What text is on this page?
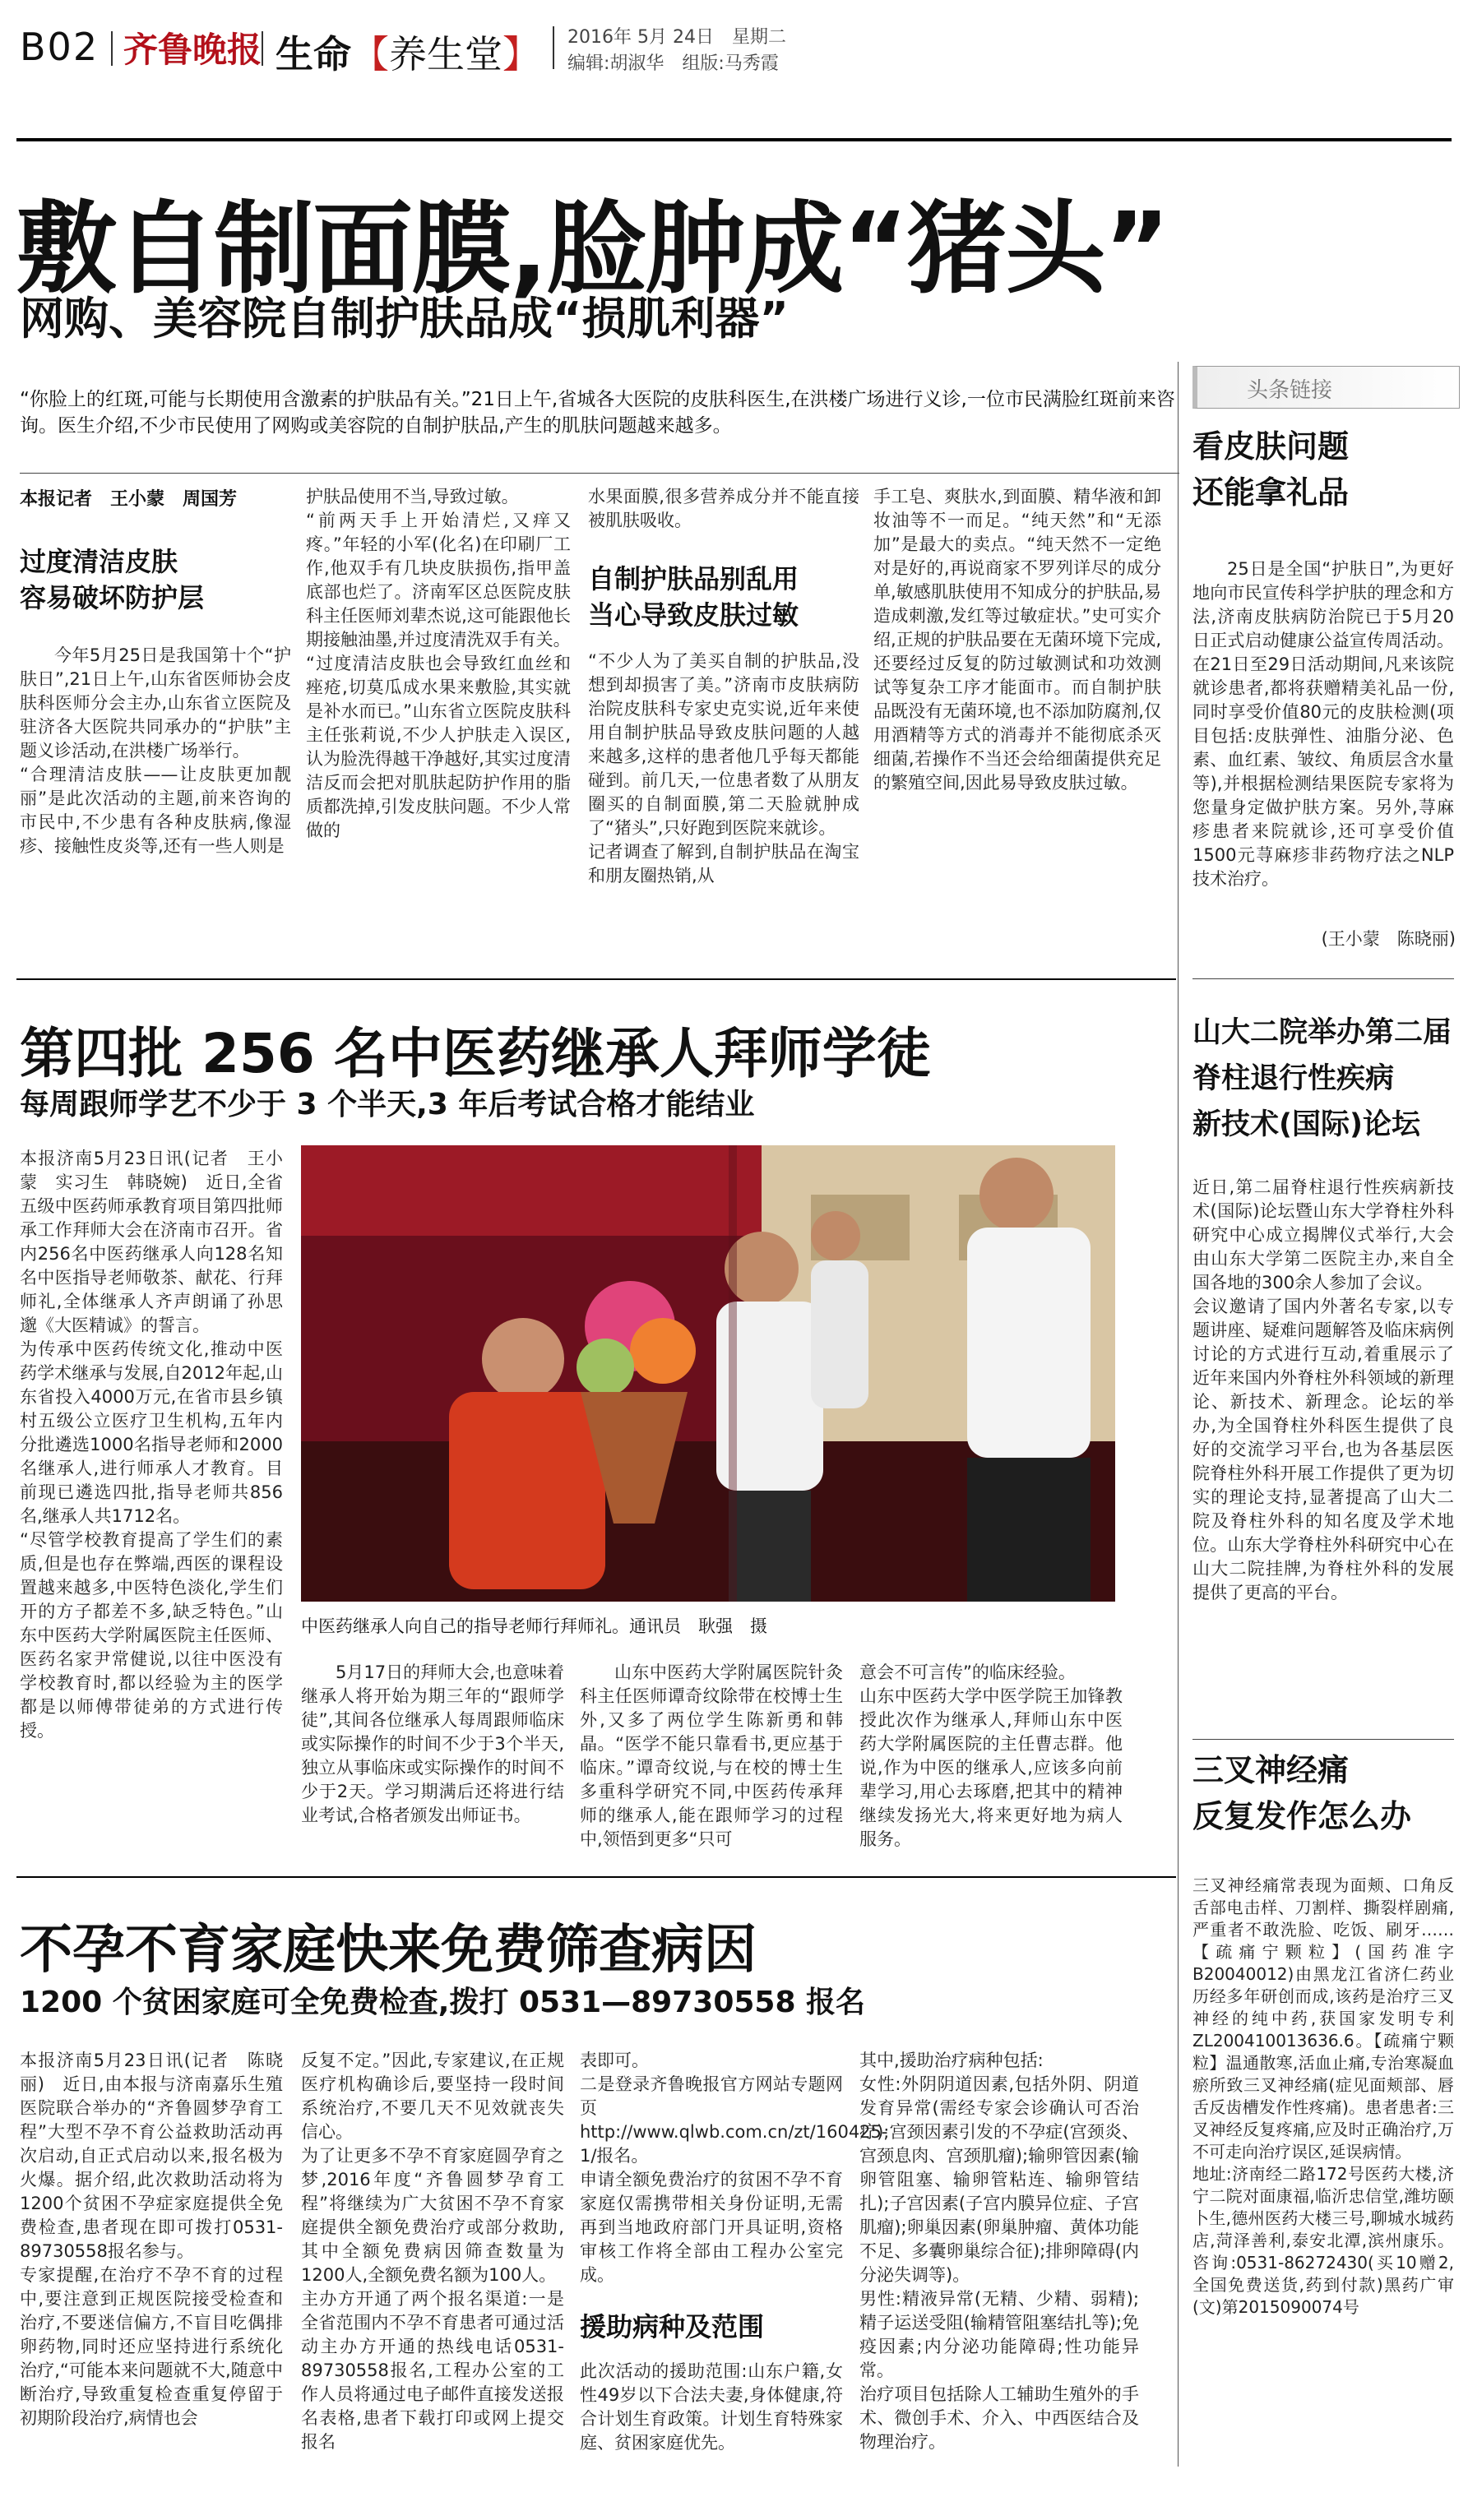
B02 齐鲁晚报 生命【养生堂】 2016年 5月 24日　星期二
编辑:胡淑华　组版:马秀霞
敷自制面膜,脸肿成“猪头”
网购、美容院自制护肤品成“损肌利器”
“你脸上的红斑,可能与长期使用含激素的护肤品有关。”21日上午,省城各大医院的皮肤科医生,在洪楼广场进行义诊,一位市民满脸红斑前来咨询。医生介绍,不少市民使用了网购或美容院的自制护肤品,产生的肌肤问题越来越多。
本报记者　王小蒙　周国芳
过度清洁皮肤
容易破坏防护层
今年5月25日是我国第十个“护肤日”,21日上午,山东省医师协会皮肤科医师分会主办,山东省立医院及驻济各大医院共同承办的“护肤”主题义诊活动,在洪楼广场举行。
“合理清洁皮肤——让皮肤更加靓丽”是此次活动的主题,前来咨询的市民中,不少患有各种皮肤病,像湿疹、接触性皮炎等,还有一些人则是
护肤品使用不当,导致过敏。
“前两天手上开始清烂,又痒又疼。”年轻的小军(化名)在印刷厂工作,他双手有几块皮肤损伤,指甲盖底部也烂了。济南军区总医院皮肤科主任医师刘辈杰说,这可能跟他长期接触油墨,并过度清洗双手有关。
“过度清洁皮肤也会导致红血丝和痤疮,切莫瓜成水果来敷脸,其实就是补水而已。”山东省立医院皮肤科主任张莉说,不少人护肤走入误区,认为脸洗得越干净越好,其实过度清洁反而会把对肌肤起防护作用的脂质都洗掉,引发皮肤问题。不少人常做的
水果面膜,很多营养成分并不能直接被肌肤吸收。
自制护肤品别乱用
当心导致皮肤过敏
“不少人为了美买自制的护肤品,没想到却损害了美。”济南市皮肤病防治院皮肤科专家史克实说,近年来使用自制护肤品导致皮肤问题的人越来越多,这样的患者他几乎每天都能碰到。前几天,一位患者数了从朋友圈买的自制面膜,第二天脸就肿成了“猪头”,只好跑到医院来就诊。
记者调查了解到,自制护肤品在淘宝和朋友圈热销,从
手工皂、爽肤水,到面膜、精华液和卸妆油等不一而足。“纯天然”和“无添加”是最大的卖点。“纯天然不一定绝对是好的,再说商家不罗列详尽的成分单,敏感肌肤使用不知成分的护肤品,易造成刺激,发红等过敏症状。”史可实介绍,正规的护肤品要在无菌环境下完成,还要经过反复的防过敏测试和功效测试等复杂工序才能面市。而自制护肤品既没有无菌环境,也不添加防腐剂,仅用酒精等方式的消毒并不能彻底杀灭细菌,若操作不当还会给细菌提供充足的繁殖空间,因此易导致皮肤过敏。
头条链接
看皮肤问题
还能拿礼品
25日是全国“护肤日”,为更好地向市民宣传科学护肤的理念和方法,济南皮肤病防治院已于5月20日正式启动健康公益宣传周活动。在21日至29日活动期间,凡来该院就诊患者,都将获赠精美礼品一份,同时享受价值80元的皮肤检测(项目包括:皮肤弹性、油脂分泌、色素、血红素、皱纹、角质层含水量等),并根据检测结果医院专家将为您量身定做护肤方案。另外,荨麻疹患者来院就诊,还可享受价值1500元荨麻疹非药物疗法之NLP技术治疗。
(王小蒙　陈晓丽)
第四批 256 名中医药继承人拜师学徒
每周跟师学艺不少于 3 个半天,3 年后考试合格才能结业
本报济南5月23日讯(记者　王小蒙　实习生　韩晓婉)　近日,全省五级中医药师承教育项目第四批师承工作拜师大会在济南市召开。省内256名中医药继承人向128名知名中医指导老师敬茶、献花、行拜师礼,全体继承人齐声朗诵了孙思邈《大医精诚》的誓言。
为传承中医药传统文化,推动中医药学术继承与发展,自2012年起,山东省投入4000万元,在省市县乡镇村五级公立医疗卫生机构,五年内分批遴选1000名指导老师和2000名继承人,进行师承人才教育。目前现已遴选四批,指导老师共856名,继承人共1712名。
“尽管学校教育提高了学生们的素质,但是也存在弊端,西医的课程设置越来越多,中医特色淡化,学生们开的方子都差不多,缺乏特色。”山东中医药大学附属医院主任医师、医药名家尹常健说,以往中医没有学校教育时,都以经验为主的医学都是以师傅带徒弟的方式进行传授。
中医药继承人向自己的指导老师行拜师礼。通讯员　耿强　摄
5月17日的拜师大会,也意味着继承人将开始为期三年的“跟师学徒”,其间各位继承人每周跟师临床或实际操作的时间不少于3个半天,独立从事临床或实际操作的时间不少于2天。学习期满后还将进行结业考试,合格者颁发出师证书。
山东中医药大学附属医院针灸科主任医师谭奇纹除带在校博士生外,又多了两位学生陈新勇和韩晶。“医学不能只靠看书,更应基于临床。”谭奇纹说,与在校的博士生多重科学研究不同,中医药传承拜师的继承人,能在跟师学习的过程中,领悟到更多“只可
意会不可言传”的临床经验。
山东中医药大学中医学院王加锋教授此次作为继承人,拜师山东中医药大学附属医院的主任曹志群。他说,作为中医的继承人,应该多向前辈学习,用心去琢磨,把其中的精神继续发扬光大,将来更好地为病人服务。
山大二院举办第二届
脊柱退行性疾病
新技术(国际)论坛
近日,第二届脊柱退行性疾病新技术(国际)论坛暨山东大学脊柱外科研究中心成立揭牌仪式举行,大会由山东大学第二医院主办,来自全国各地的300余人参加了会议。
会议邀请了国内外著名专家,以专题讲座、疑难问题解答及临床病例讨论的方式进行互动,着重展示了近年来国内外脊柱外科领域的新理论、新技术、新理念。论坛的举办,为全国脊柱外科医生提供了良好的交流学习平台,也为各基层医院脊柱外科开展工作提供了更为切实的理论支持,显著提高了山大二院及脊柱外科的知名度及学术地位。山东大学脊柱外科研究中心在山大二院挂牌,为脊柱外科的发展提供了更高的平台。
不孕不育家庭快来免费筛查病因
1200 个贫困家庭可全免费检查,拨打 0531—89730558 报名
本报济南5月23日讯(记者　陈晓丽)　近日,由本报与济南嘉乐生殖医院联合举办的“齐鲁圆梦孕育工程”大型不孕不育公益救助活动再次启动,自正式启动以来,报名极为火爆。据介绍,此次救助活动将为1200个贫困不孕症家庭提供全免费检查,患者现在即可拨打0531-89730558报名参与。
专家提醒,在治疗不孕不育的过程中,要注意到正规医院接受检查和治疗,不要迷信偏方,不盲目吃偶排卵药物,同时还应坚持进行系统化治疗,“可能本来问题就不大,随意中断治疗,导致重复检查重复停留于初期阶段治疗,病情也会
反复不定。”因此,专家建议,在正规医疗机构确诊后,要坚持一段时间系统治疗,不要几天不见效就丧失信心。
为了让更多不孕不育家庭圆孕育之梦,2016年度“齐鲁圆梦孕育工程”将继续为广大贫困不孕不育家庭提供全额免费治疗或部分救助,其中全额免费病因筛查数量为1200人,全额免费名额为100人。
主办方开通了两个报名渠道:一是全省范围内不孕不育患者可通过活动主办方开通的热线电话0531-89730558报名,工程办公室的工作人员将通过电子邮件直接发送报名表格,患者下载打印或网上提交报名
表即可。
二是登录齐鲁晚报官方网站专题网页http://www.qlwb.com.cn/zt/160425-1/报名。
申请全额免费治疗的贫困不孕不育家庭仅需携带相关身份证明,无需再到当地政府部门开具证明,资格审核工作将全部由工程办公室完成。
援助病种及范围
此次活动的援助范围:山东户籍,女性49岁以下合法夫妻,身体健康,符合计划生育政策。计划生育特殊家庭、贫困家庭优先。
其中,援助治疗病种包括:
女性:外阴阴道因素,包括外阴、阴道发育异常(需经专家会诊确认可否治疗);宫颈因素引发的不孕症(宫颈炎、宫颈息肉、宫颈肌瘤);输卵管因素(输卵管阻塞、输卵管粘连、输卵管结扎);子宫因素(子宫内膜异位症、子宫肌瘤);卵巢因素(卵巢肿瘤、黄体功能不足、多囊卵巢综合征);排卵障碍(内分泌失调等)。
男性:精液异常(无精、少精、弱精);精子运送受阻(输精管阻塞结扎等);免疫因素;内分泌功能障碍;性功能异常。
治疗项目包括除人工辅助生殖外的手术、微创手术、介入、中西医结合及物理治疗。
三叉神经痛
反复发作怎么办
三叉神经痛常表现为面颊、口角反舌部电击样、刀割样、撕裂样剧痛,严重者不敢洗脸、吃饭、刷牙……【疏痛宁颗粒】(国药准字B20040012)由黑龙江省济仁药业历经多年研创而成,该药是治疗三叉神经的纯中药,获国家发明专利ZL200410013636.6。【疏痛宁颗粒】温通散寒,活血止痛,专治寒凝血瘀所致三叉神经痛(症见面颊部、唇舌反齿槽发作性疼痛)。患者患者:三叉神经反复疼痛,应及时正确治疗,万不可走向治疗误区,延误病情。
地址:济南经二路172号医药大楼,济宁二院对面康福,临沂忠信堂,潍坊颐卜生,德州医药大楼三号,聊城水城药店,菏泽善利,泰安北潭,滨州康乐。咨询:0531-86272430(买10赠2,全国免费送货,药到付款)黑药广审(文)第2015090074号
